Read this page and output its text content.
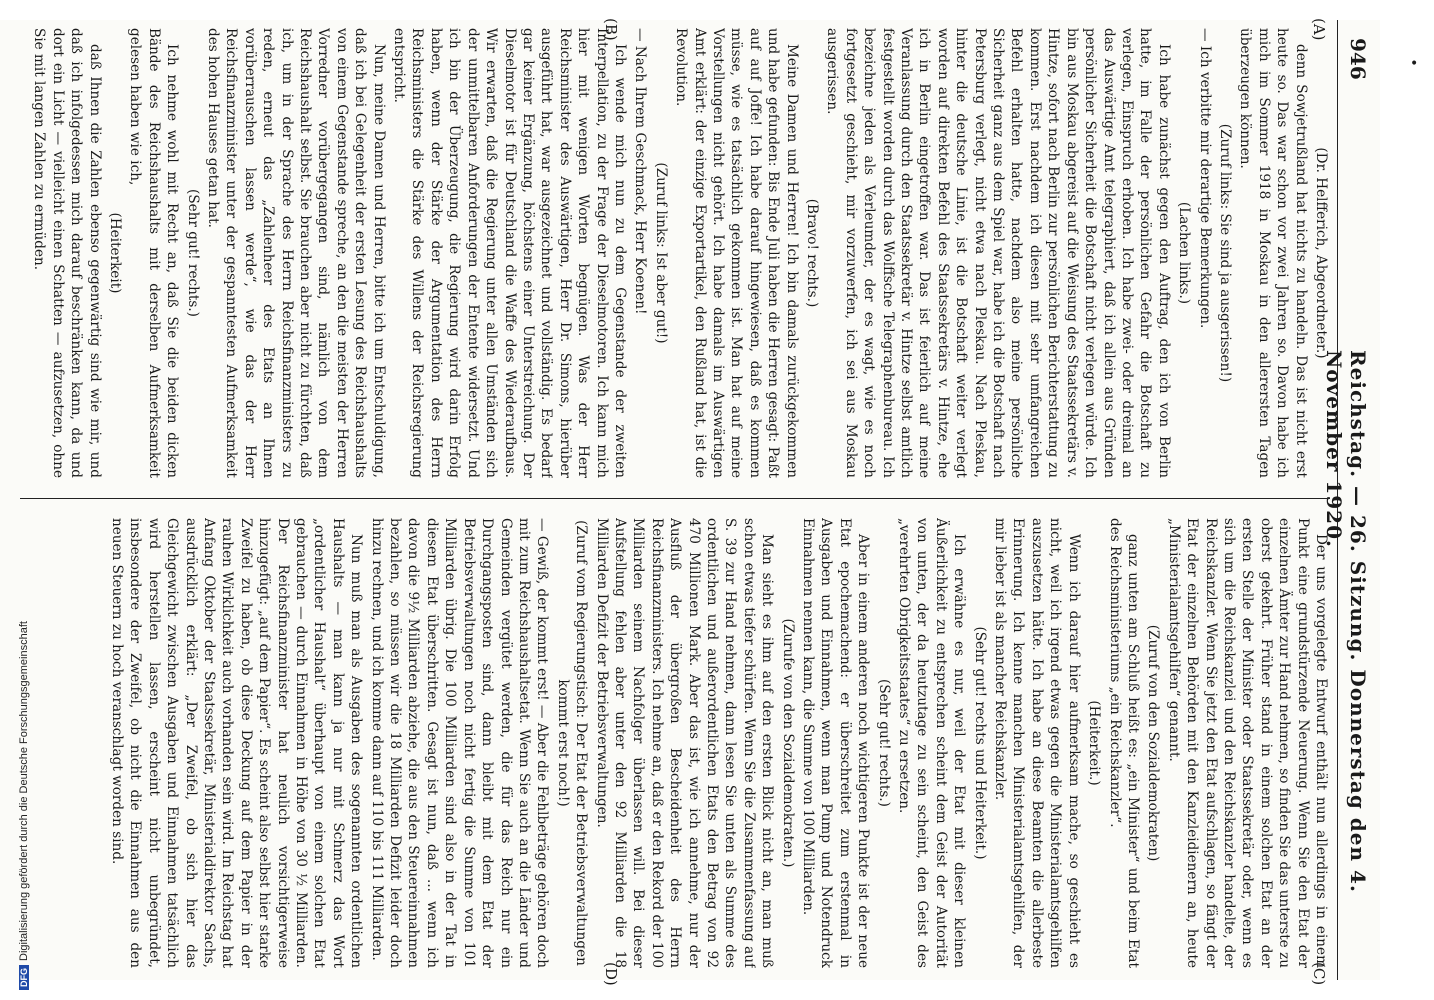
946
Reichstag. — 26. Sitzung. Donnerstag den 4. November 1920.
(A)
(B)
(C)
(D)

(Dr. Helfferich, Abgeordneter.)

denn Sowjetrußland hat nichts zu handeln. Das ist nicht erst heute so. Das war schon vor zwei Jahren so. Davon habe ich mich im Sommer 1918 in Moskau in den allerersten Tagen überzeugen können.

(Zuruf links: Sie sind ja ausgerissen!)

— Ich verbitte mir derartige Bemerkungen.

(Lachen links.)

Ich habe zunächst gegen den Auftrag, den ich von Berlin hatte, im Falle der persönlichen Gefahr die Botschaft zu verlegen, Einspruch erhoben. Ich habe zwei- oder dreimal an das Auswärtige Amt telegraphiert, daß ich allein aus Gründen persönlicher Sicherheit die Botschaft nicht verlegen würde. Ich bin aus Moskau abgereist auf die Weisung des Staatssekretärs v. Hintze, sofort nach Berlin zur persönlichen Berichterstattung zu kommen. Erst nachdem ich diesen mit sehr umfangreichen Befehl erhalten hatte, nachdem also meine persönliche Sicherheit ganz aus dem Spiel war, habe ich die Botschaft nach Petersburg verlegt, nicht etwa nach Pleskau. Nach Pleskau, hinter die deutsche Linie, ist die Botschaft weiter verlegt worden auf direkten Befehl des Staatssekretärs v. Hintze, ehe ich in Berlin eingetroffen war. Das ist feierlich auf meine Veranlassung durch den Staatssekretär v. Hintze selbst amtlich festgestellt worden durch das Wolffsche Telegraphenbureau. Ich bezeichne jeden als Verleumder, der es wagt, wie es noch fortgesetzt geschieht, mir vorzuwerfen, ich sei aus Moskau ausgerissen.

(Bravo! rechts.)

Meine Damen und Herren! Ich bin damals zurückgekommen und habe gefunden: Bis Ende Juli haben die Herren gesagt: Paßt auf auf Joffe! Ich habe darauf hingewiesen, daß es kommen müsse, wie es tatsächlich gekommen ist. Man hat auf meine Vorstellungen nicht gehört. Ich habe damals im Auswärtigen Amt erklärt: der einzige Exportartikel, den Rußland hat, ist die Revolution.

(Zuruf links: Ist aber gut!)

— Nach Ihrem Geschmack, Herr Koenen!

Ich wende mich nun zu dem Gegenstande der zweiten Interpellation, zu der Frage der Dieselmotoren. Ich kann mich hier mit wenigen Worten begnügen. Was der Herr Reichsminister des Auswärtigen, Herr Dr. Simons, hierüber ausgeführt hat, war ausgezeichnet und vollständig. Es bedarf gar keiner Ergänzung, höchstens einer Unterstreichung. Der Dieselmotor ist für Deutschland die Waffe des Wiederaufbaus. Wir erwarten, daß die Regierung unter allen Umständen sich der unmittelbaren Anforderungen der Entente widersetzt. Und ich bin der Überzeugung, die Regierung wird darin Erfolg haben, wenn der Stärke der Argumentation des Herrn Reichsministers die Stärke des Willens der Reichsregierung entspricht.

Nun, meine Damen und Herren, bitte ich um Entschuldigung, daß ich bei Gelegenheit der ersten Lesung des Reichshaushalts von einem Gegenstande spreche, an den die meisten der Herren Vorredner vorübergegangen sind, nämlich von dem Reichshaushalt selbst. Sie brauchen aber nicht zu fürchten, daß ich, um in der Sprache des Herrn Reichsfinanzministers zu reden, erneut das „Zahlenheer des Etats an Ihnen vorüberrauschen lassen werde“, wie das der Herr Reichsfinanzminister unter der gespanntesten Aufmerksamkeit des hohen Hauses getan hat.

(Sehr gut! rechts.)

Ich nehme wohl mit Recht an, daß Sie die beiden dicken Bände des Reichshaushalts mit derselben Aufmerksamkeit gelesen haben wie ich,

(Heiterkeit)

daß Ihnen die Zahlen ebenso gegenwärtig sind wie mir, und daß ich infolgedessen mich darauf beschränken kann, da und dort ein Licht — vielleicht einen Schatten — aufzusetzen, ohne Sie mit langen Zahlen zu ermüden.

Der uns vorgelegte Entwurf enthält nun allerdings in einem Punkt eine grundstürzende Neuerung. Wenn Sie den Etat der einzelnen Ämter zur Hand nehmen, so finden Sie das unterste zu oberst gekehrt. Früher stand in einem solchen Etat an der ersten Stelle der Minister oder Staatssekretär oder, wenn es sich um die Reichskanzlei und den Reichskanzler handelte, der Reichskanzler. Wenn Sie jetzt den Etat aufschlagen, so fängt der Etat der einzelnen Behörden mit den Kanzleidienern an, heute „Ministerialamtsgehilfen“ genannt.

(Zuruf von den Sozialdemokraten)

ganz unten am Schluß heißt es: „ein Minister“ und beim Etat des Reichsministeriums „ein Reichskanzler“.

(Heiterkeit.)

Wenn ich darauf hier aufmerksam mache, so geschieht es nicht, weil ich irgend etwas gegen die Ministerialamtsgehilfen auszusetzen hätte. Ich habe an diese Beamten die allerbeste Erinnerung. Ich kenne manchen Ministerialamtsgehilfen, der mir lieber ist als mancher Reichskanzler.

(Sehr gut! rechts und Heiterkeit.)

Ich erwähne es nur, weil der Etat mit dieser kleinen Äußerlichkeit zu entsprechen scheint dem Geist der Autorität von unten, der da heutzutage zu sein scheint, den Geist des „verehrten Obrigkeitsstaates“ zu ersetzen.

(Sehr gut! rechts.)

Aber in einem anderen noch wichtigeren Punkte ist der neue Etat epochemachend: er überschreitet zum erstenmal in Ausgaben und Einnahmen, wenn man Pump und Notendruck Einnahmen nennen kann, die Summe von 100 Milliarden.

(Zurufe von den Sozialdemokraten.)

Man sieht es ihm auf den ersten Blick nicht an, man muß schon etwas tiefer schürfen. Wenn Sie die Zusammenfassung auf S. 39 zur Hand nehmen, dann lesen Sie unten als Summe des ordentlichen und außerordentlichen Etats den Betrag von 92 470 Millionen Mark. Aber das ist, wie ich annehme, nur der Ausfluß der übergroßen Bescheidenheit des Herrn Reichsfinanzministers. Ich nehme an, daß er den Rekord der 100 Milliarden seinem Nachfolger überlassen will. Bei dieser Aufstellung fehlen aber unter den 92 Milliarden die 18 Milliarden Defizit der Betriebsverwaltungen.

(Zuruf vom Regierungstisch: Der Etat der Betriebsverwaltungen kommt erst noch!)

— Gewiß, der kommt erst! — Aber die Fehlbeträge gehören doch mit zum Reichshaushaltsetat. Wenn Sie auch an die Länder und Gemeinden vergütet werden, die für das Reich nur ein Durchgangsposten sind, dann bleibt mit dem Etat der Betriebsverwaltungen noch nicht fertig die Summe von 101 Milliarden übrig. Die 100 Milliarden sind also in der Tat in diesem Etat überschritten. Gesagt ist nun, daß ... wenn ich davon die 9½ Milliarden abziehe, die aus den Steuereinnahmen bezahlen, so müssen wir die 18 Milliarden Defizit leider doch hinzu rechnen, und ich komme dann auf 110 bis 111 Milliarden.

Nun muß man als Ausgaben des sogenannten ordentlichen Haushalts — man kann ja nur mit Schmerz das Wort „ordentlicher Haushalt“ überhaupt von einem solchen Etat gebrauchen — durch Einnahmen in Höhe von 30 ½ Milliarden. Der Reichsfinanzminister hat neulich vorsichtigerweise hinzugefügt: „auf dem Papier“. Es scheint also selbst hier starke Zweifel zu haben, ob diese Deckung auf dem Papier in der rauhen Wirklichkeit auch vorhanden sein wird. Im Reichstag hat Anfang Oktober der Staatssekretär, Ministerialdirektor Sachs, ausdrücklich erklärt: „Der Zweifel, ob sich hier das Gleichgewicht zwischen Ausgaben und Einnahmen tatsächlich wird herstellen lassen, erscheint nicht unbegründet, insbesondere der Zweifel, ob nicht die Einnahmen aus den neuen Steuern zu hoch veranschlagt worden sind.

•
DFGDigitalisierung gefördert durch die Deutsche Forschungsgemeinschaft
